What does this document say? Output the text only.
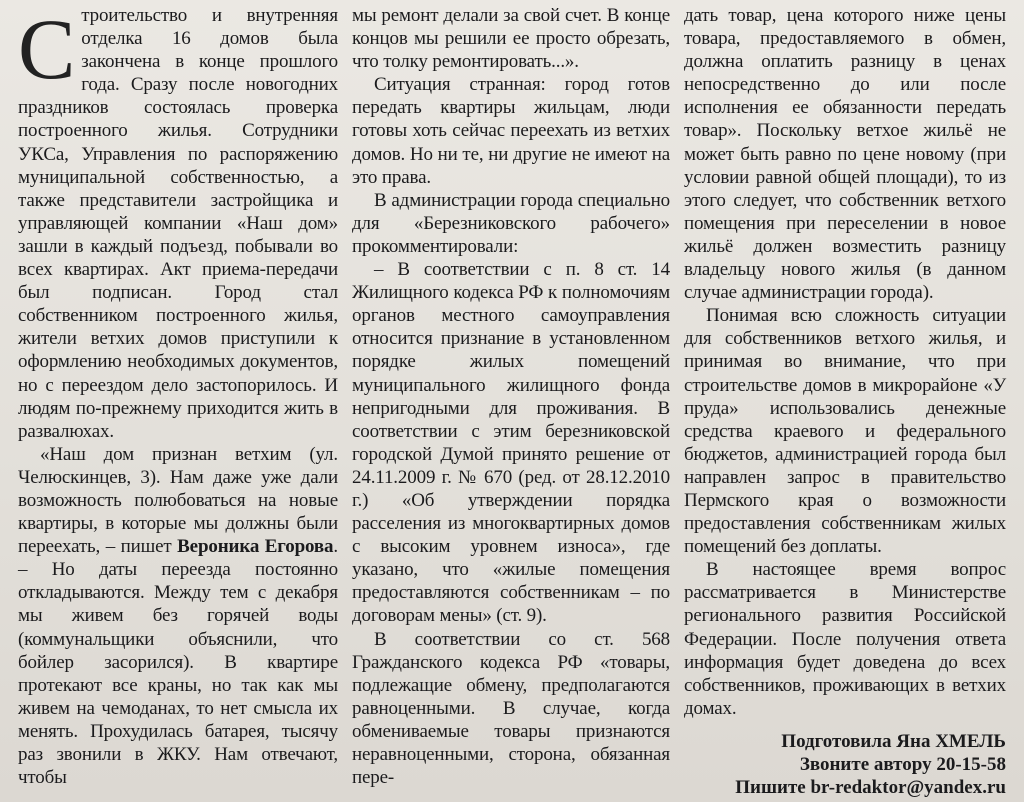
Строительство и внутренняя отделка 16 домов была закончена в конце прошлого года. Сразу после новогодних праздников состоялась проверка построенного жилья. Сотрудники УКСа, Управления по распоряжению муниципальной собственностью, а также представители застройщика и управляющей компании «Наш дом» зашли в каждый подъезд, побывали во всех квартирах. Акт приема-передачи был подписан. Город стал собственником построенного жилья, жители ветхих домов приступили к оформлению необходимых документов, но с переездом дело застопорилось. И людям по-прежнему приходится жить в развалюхах.

«Наш дом признан ветхим (ул. Челюскинцев, 3). Нам даже уже дали возможность полюбоваться на новые квартиры, в которые мы должны были переехать, – пишет Вероника Егорова. – Но даты переезда постоянно откладываются. Между тем с декабря мы живем без горячей воды (коммунальщики объяснили, что бойлер засорился). В квартире протекают все краны, но так как мы живем на чемоданах, то нет смысла их менять. Прохудилась батарея, тысячу раз звонили в ЖКУ. Нам отвечают, чтобы

мы ремонт делали за свой счет. В конце концов мы решили ее просто обрезать, что толку ремонтировать...».

Ситуация странная: город готов передать квартиры жильцам, люди готовы хоть сейчас переехать из ветхих домов. Но ни те, ни другие не имеют на это права.

В администрации города специально для «Березниковского рабочего» прокомментировали:

– В соответствии с п. 8 ст. 14 Жилищного кодекса РФ к полномочиям органов местного самоуправления относится признание в установленном порядке жилых помещений муниципального жилищного фонда непригодными для проживания. В соответствии с этим березниковской городской Думой принято решение от 24.11.2009 г. № 670 (ред. от 28.12.2010 г.) «Об утверждении порядка расселения из многоквартирных домов с высоким уровнем износа», где указано, что «жилые помещения предоставляются собственникам – по договорам мены» (ст. 9).

В соответствии со ст. 568 Гражданского кодекса РФ «товары, подлежащие обмену, предполагаются равноценными. В случае, когда обмениваемые товары признаются неравноценными, сторона, обязанная пере-

дать товар, цена которого ниже цены товара, предоставляемого в обмен, должна оплатить разницу в ценах непосредственно до или после исполнения ее обязанности передать товар». Поскольку ветхое жильё не может быть равно по цене новому (при условии равной общей площади), то из этого следует, что собственник ветхого помещения при переселении в новое жильё должен возместить разницу владельцу нового жилья (в данном случае администрации города).

Понимая всю сложность ситуации для собственников ветхого жилья, и принимая во внимание, что при строительстве домов в микрорайоне «У пруда» использовались денежные средства краевого и федерального бюджетов, администрацией города был направлен запрос в правительство Пермского края о возможности предоставления собственникам жилых помещений без доплаты.

В настоящее время вопрос рассматривается в Министерстве регионального развития Российской Федерации. После получения ответа информация будет доведена до всех собственников, проживающих в ветхих домах.

Подготовила Яна ХМЕЛЬ

Звоните автору 20-15-58

Пишите br-redaktor@yandex.ru
